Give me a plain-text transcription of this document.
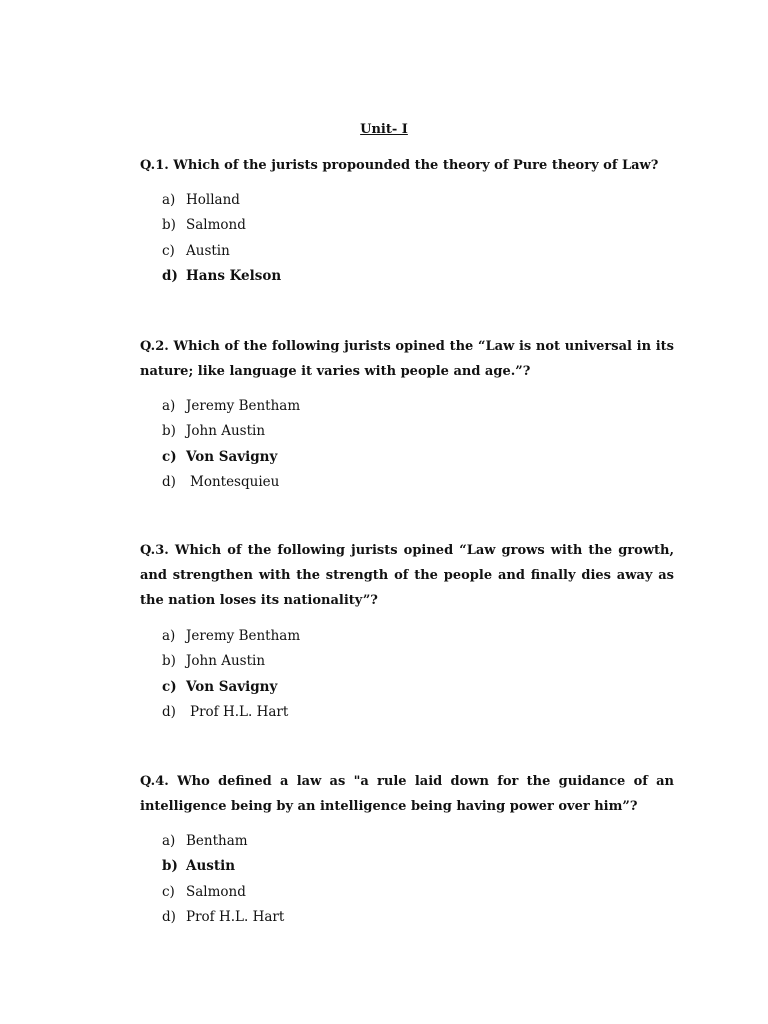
Unit- I

Q.1. Which of the jurists propounded the theory of Pure theory of Law?

a) Holland
b) Salmond
c) Austin
d) Hans Kelson

Q.2. Which of the following jurists opined the “Law is not universal in its nature; like language it varies with people and age.”?

a) Jeremy Bentham
b) John Austin
c) Von Savigny
d) Montesquieu

Q.3. Which of the following jurists opined “Law grows with the growth, and strengthen with the strength of the people and finally dies away as the nation loses its nationality”?

a) Jeremy Bentham
b) John Austin
c) Von Savigny
d) Prof H.L. Hart

Q.4. Who defined a law as "a rule laid down for the guidance of an intelligence being by an intelligence being having power over him”?

a) Bentham
b) Austin
c) Salmond
d) Prof H.L. Hart
